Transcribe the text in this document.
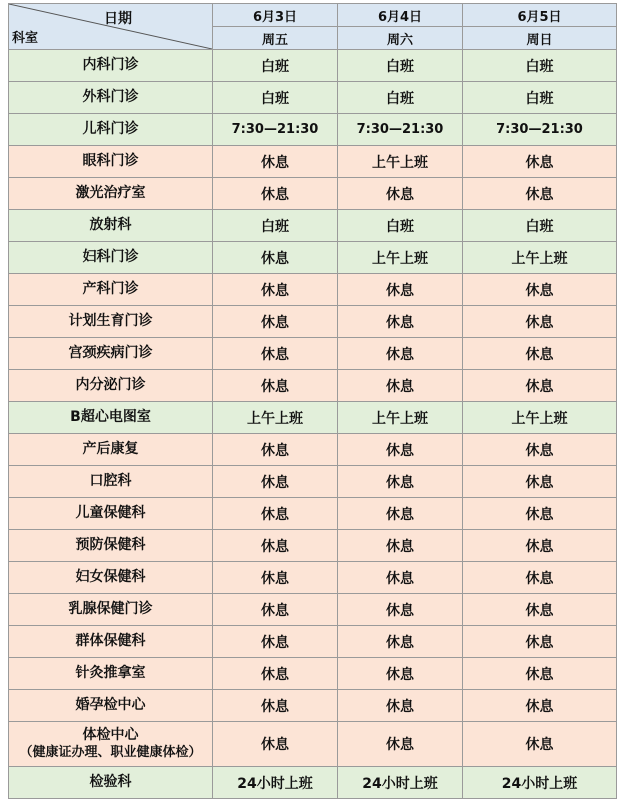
日期
科室	6月3日	6月4日	6月5日
	周五	周六	周日

内科门诊	白班	白班	白班

外科门诊	白班	白班	白班

儿科门诊	7:30—21:30	7:30—21:30	7:30—21:30

眼科门诊	休息	上午上班	休息

激光治疗室	休息	休息	休息

放射科	白班	白班	白班

妇科门诊	休息	上午上班	上午上班

产科门诊	休息	休息	休息

计划生育门诊	休息	休息	休息

宫颈疾病门诊	休息	休息	休息

内分泌门诊	休息	休息	休息

B超心电图室	上午上班	上午上班	上午上班

产后康复	休息	休息	休息

口腔科	休息	休息	休息

儿童保健科	休息	休息	休息

预防保健科	休息	休息	休息

妇女保健科	休息	休息	休息

乳腺保健门诊	休息	休息	休息

群体保健科	休息	休息	休息

针灸推拿室	休息	休息	休息

婚孕检中心	休息	休息	休息

体检中心
（健康证办理、职业健康体检）	休息	休息	休息

检验科	24小时上班	24小时上班	24小时上班
